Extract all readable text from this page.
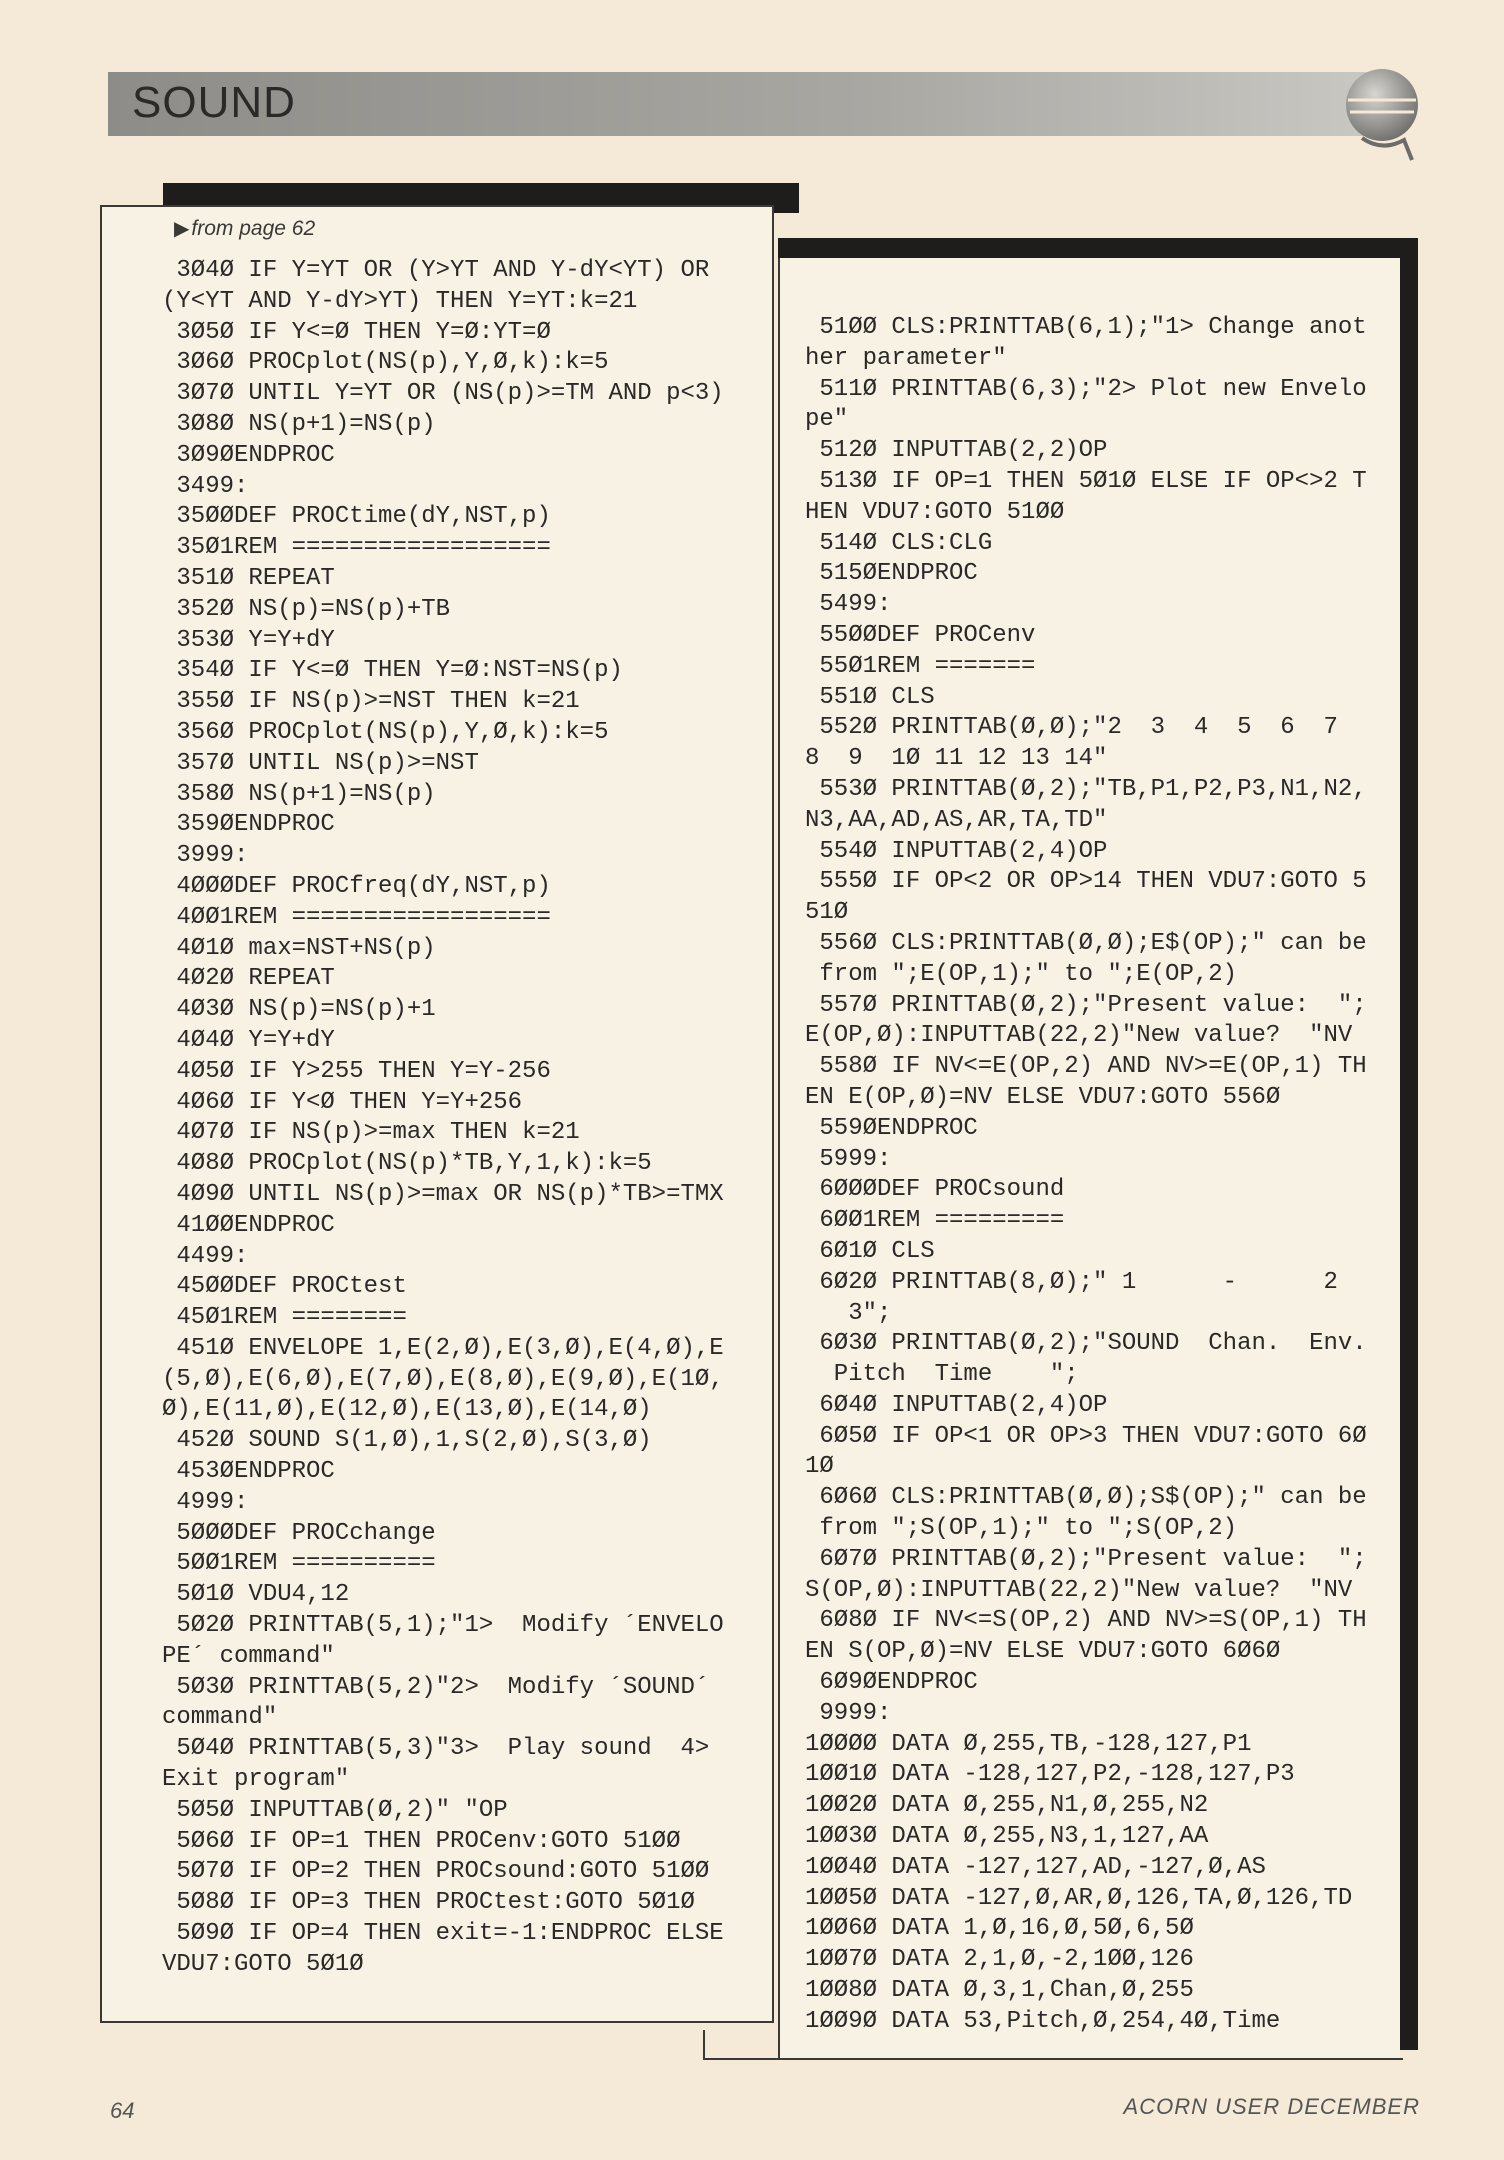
SOUND
▶from page 62
3Ø4Ø IF Y=YT OR (Y>YT AND Y-dY<YT) OR
(Y<YT AND Y-dY>YT) THEN Y=YT:k=21
3Ø5Ø IF Y<=Ø THEN Y=Ø:YT=Ø
3Ø6Ø PROCplot(NS(p),Y,Ø,k):k=5
3Ø7Ø UNTIL Y=YT OR (NS(p)>=TM AND p<3)
3Ø8Ø NS(p+1)=NS(p)
3Ø9ØENDPROC
3499:
35ØØDEF PROCtime(dY,NST,p)
35Ø1REM ==================
351Ø REPEAT
352Ø NS(p)=NS(p)+TB
353Ø Y=Y+dY
354Ø IF Y<=Ø THEN Y=Ø:NST=NS(p)
355Ø IF NS(p)>=NST THEN k=21
356Ø PROCplot(NS(p),Y,Ø,k):k=5
357Ø UNTIL NS(p)>=NST
358Ø NS(p+1)=NS(p)
359ØENDPROC
3999:
4ØØØDEF PROCfreq(dY,NST,p)
4ØØ1REM ==================
4Ø1Ø max=NST+NS(p)
4Ø2Ø REPEAT
4Ø3Ø NS(p)=NS(p)+1
4Ø4Ø Y=Y+dY
4Ø5Ø IF Y>255 THEN Y=Y-256
4Ø6Ø IF Y<Ø THEN Y=Y+256
4Ø7Ø IF NS(p)>=max THEN k=21
4Ø8Ø PROCplot(NS(p)*TB,Y,1,k):k=5
4Ø9Ø UNTIL NS(p)>=max OR NS(p)*TB>=TMX
41ØØENDPROC
4499:
45ØØDEF PROCtest
45Ø1REM ========
451Ø ENVELOPE 1,E(2,Ø),E(3,Ø),E(4,Ø),E
(5,Ø),E(6,Ø),E(7,Ø),E(8,Ø),E(9,Ø),E(1Ø,
Ø),E(11,Ø),E(12,Ø),E(13,Ø),E(14,Ø)
452Ø SOUND S(1,Ø),1,S(2,Ø),S(3,Ø)
453ØENDPROC
4999:
5ØØØDEF PROCchange
5ØØ1REM ==========
5Ø1Ø VDU4,12
5Ø2Ø PRINTTAB(5,1);"1>  Modify ´ENVELO
PE´ command"
5Ø3Ø PRINTTAB(5,2)"2>  Modify ´SOUND´
command"
5Ø4Ø PRINTTAB(5,3)"3>  Play sound  4>
Exit program"
5Ø5Ø INPUTTAB(Ø,2)" "OP
5Ø6Ø IF OP=1 THEN PROCenv:GOTO 51ØØ
5Ø7Ø IF OP=2 THEN PROCsound:GOTO 51ØØ
5Ø8Ø IF OP=3 THEN PROCtest:GOTO 5Ø1Ø
5Ø9Ø IF OP=4 THEN exit=-1:ENDPROC ELSE
VDU7:GOTO 5Ø1Ø
51ØØ CLS:PRINTTAB(6,1);"1> Change anot
her parameter"
511Ø PRINTTAB(6,3);"2> Plot new Envelo
pe"
512Ø INPUTTAB(2,2)OP
513Ø IF OP=1 THEN 5Ø1Ø ELSE IF OP<>2 T
HEN VDU7:GOTO 51ØØ
514Ø CLS:CLG
515ØENDPROC
5499:
55ØØDEF PROCenv
55Ø1REM =======
551Ø CLS
552Ø PRINTTAB(Ø,Ø);"2  3  4  5  6  7
8  9  1Ø 11 12 13 14"
553Ø PRINTTAB(Ø,2);"TB,P1,P2,P3,N1,N2,
N3,AA,AD,AS,AR,TA,TD"
554Ø INPUTTAB(2,4)OP
555Ø IF OP<2 OR OP>14 THEN VDU7:GOTO 5
51Ø
556Ø CLS:PRINTTAB(Ø,Ø);E$(OP);" can be
from ";E(OP,1);" to ";E(OP,2)
557Ø PRINTTAB(Ø,2);"Present value:  ";
E(OP,Ø):INPUTTAB(22,2)"New value?  "NV
558Ø IF NV<=E(OP,2) AND NV>=E(OP,1) TH
EN E(OP,Ø)=NV ELSE VDU7:GOTO 556Ø
559ØENDPROC
5999:
6ØØØDEF PROCsound
6ØØ1REM =========
6Ø1Ø CLS
6Ø2Ø PRINTTAB(8,Ø);" 1      -      2
3";
6Ø3Ø PRINTTAB(Ø,2);"SOUND  Chan.  Env.
Pitch  Time    ";
6Ø4Ø INPUTTAB(2,4)OP
6Ø5Ø IF OP<1 OR OP>3 THEN VDU7:GOTO 6Ø
1Ø
6Ø6Ø CLS:PRINTTAB(Ø,Ø);S$(OP);" can be
from ";S(OP,1);" to ";S(OP,2)
6Ø7Ø PRINTTAB(Ø,2);"Present value:  ";
S(OP,Ø):INPUTTAB(22,2)"New value?  "NV
6Ø8Ø IF NV<=S(OP,2) AND NV>=S(OP,1) TH
EN S(OP,Ø)=NV ELSE VDU7:GOTO 6Ø6Ø
6Ø9ØENDPROC
9999:
1ØØØØ DATA Ø,255,TB,-128,127,P1
1ØØ1Ø DATA -128,127,P2,-128,127,P3
1ØØ2Ø DATA Ø,255,N1,Ø,255,N2
1ØØ3Ø DATA Ø,255,N3,1,127,AA
1ØØ4Ø DATA -127,127,AD,-127,Ø,AS
1ØØ5Ø DATA -127,Ø,AR,Ø,126,TA,Ø,126,TD
1ØØ6Ø DATA 1,Ø,16,Ø,5Ø,6,5Ø
1ØØ7Ø DATA 2,1,Ø,-2,1ØØ,126
1ØØ8Ø DATA Ø,3,1,Chan,Ø,255
1ØØ9Ø DATA 53,Pitch,Ø,254,4Ø,Time
64	ACORN USER DECEMBER
